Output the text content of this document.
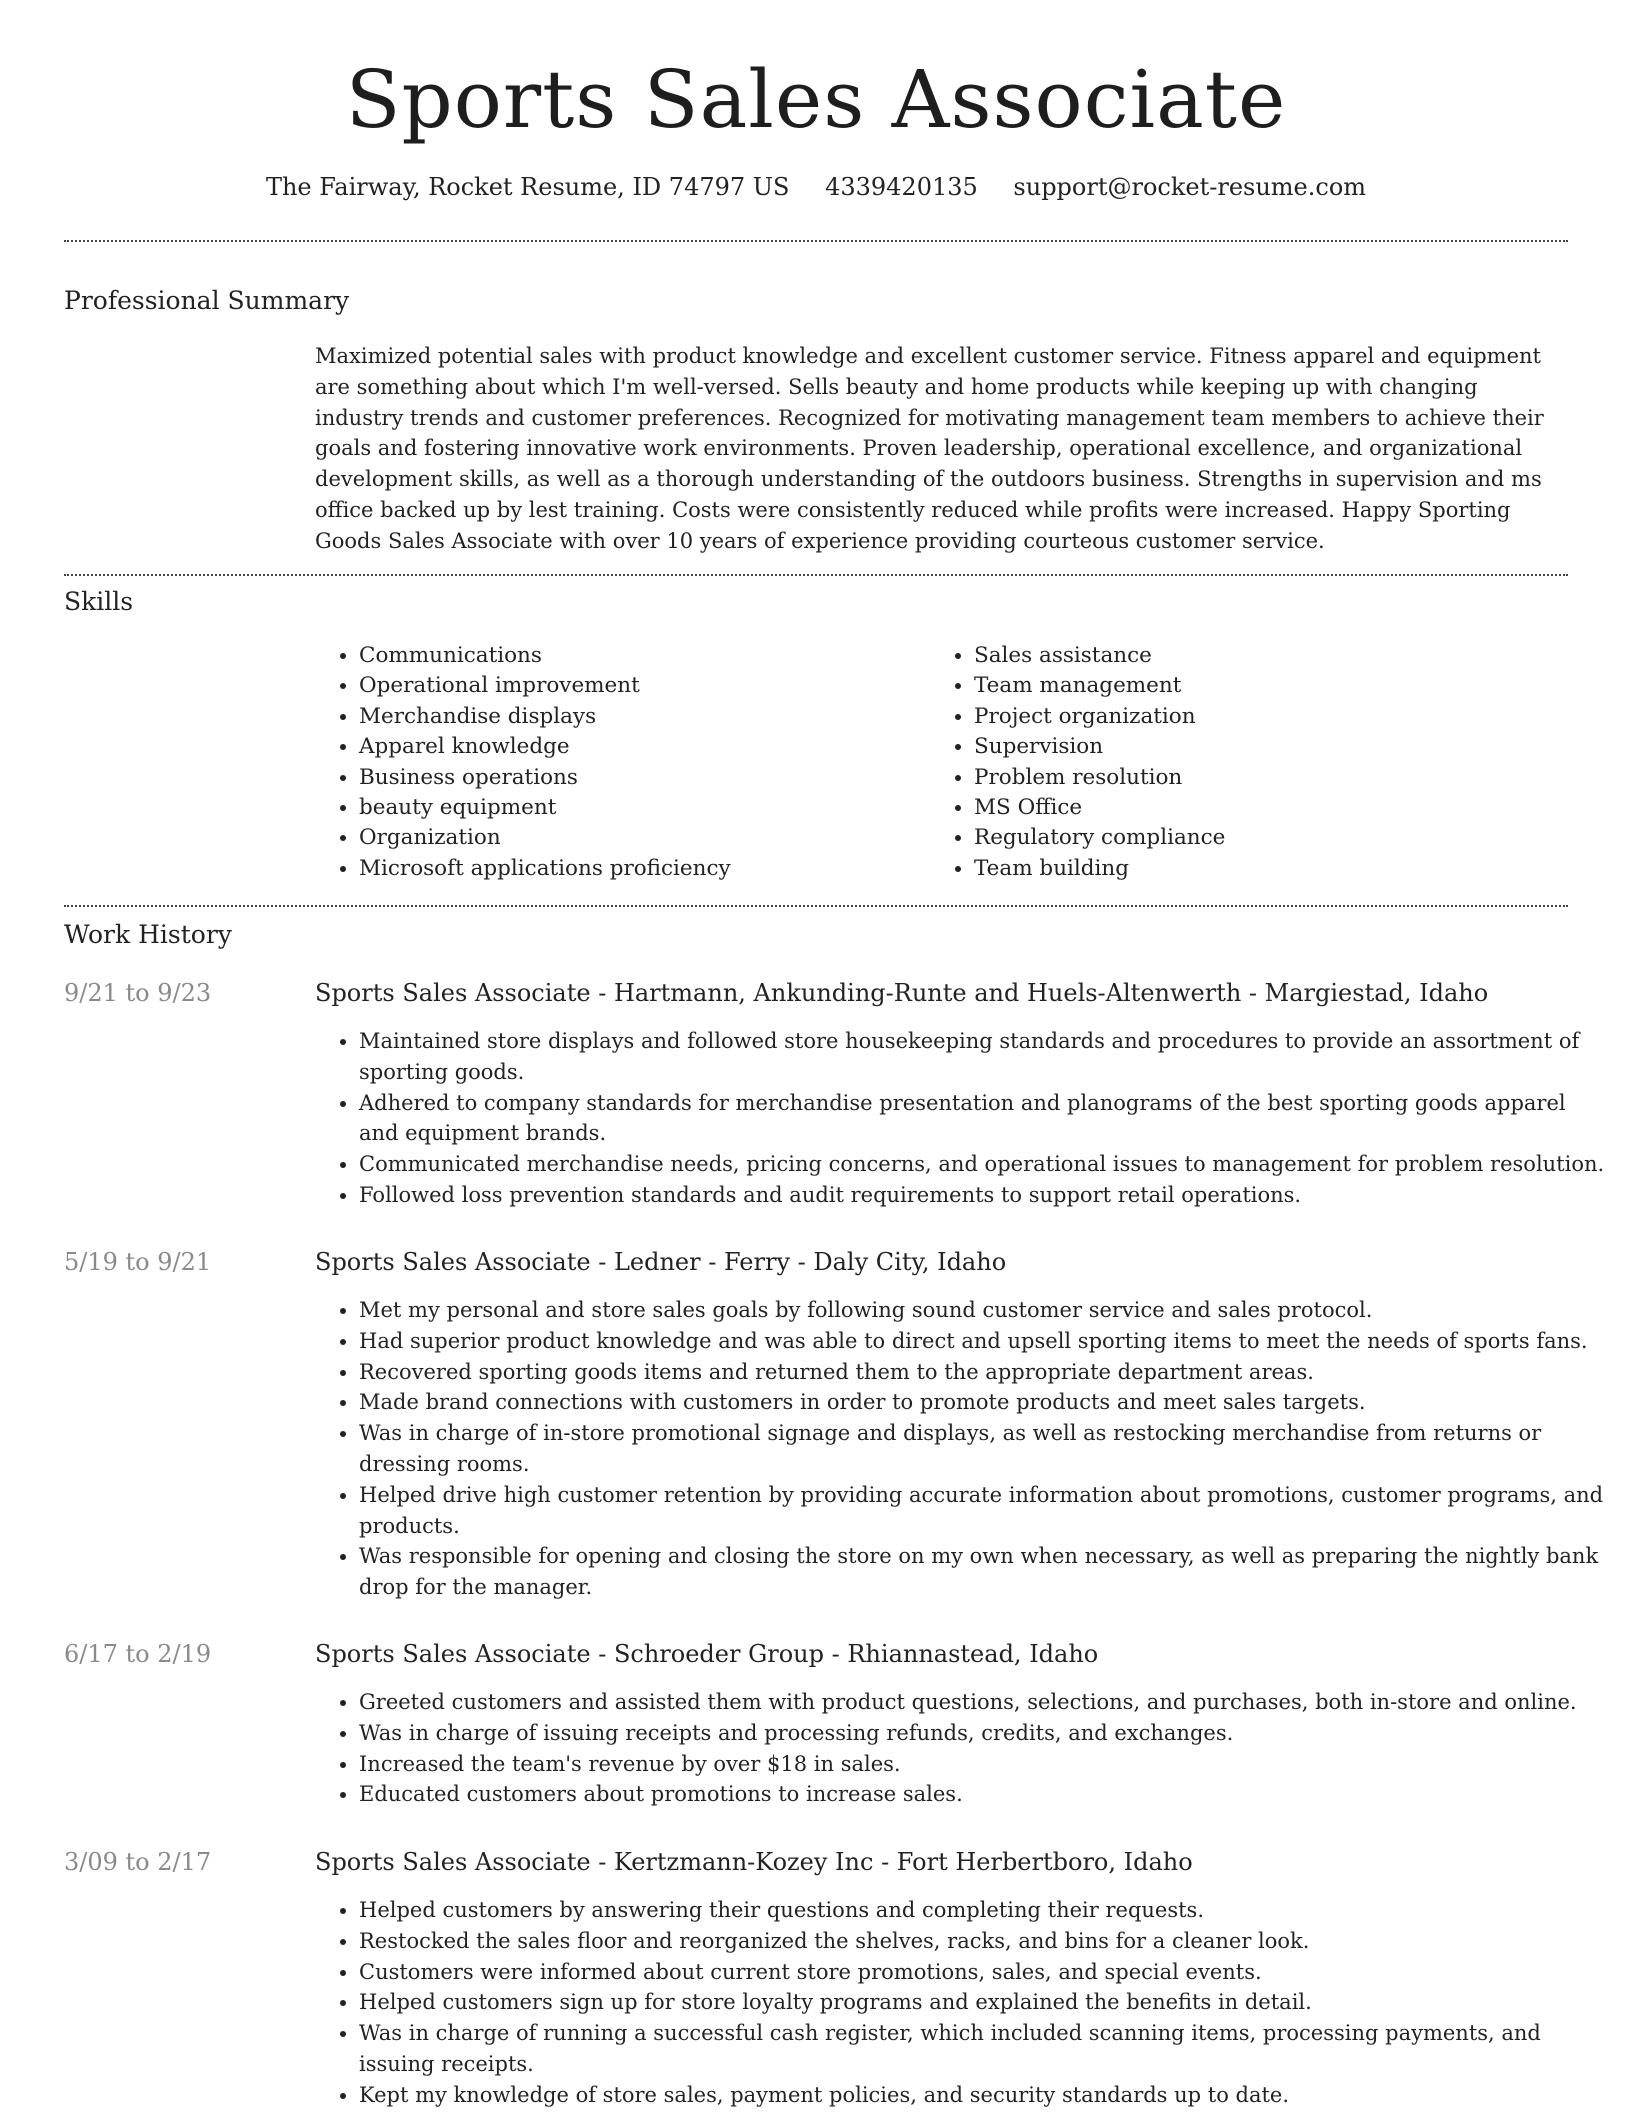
Sports Sales Associate
The Fairway, Rocket Resume, ID 74797 US 4339420135 support@rocket-resume.com
Professional Summary

Maximized potential sales with product knowledge and excellent customer service. Fitness apparel and equipment are something about which I'm well-versed. Sells beauty and home products while keeping up with changing industry trends and customer preferences. Recognized for motivating management team members to achieve their goals and fostering innovative work environments. Proven leadership, operational excellence, and organizational development skills, as well as a thorough understanding of the outdoors business. Strengths in supervision and ms office backed up by lest training. Costs were consistently reduced while profits were increased. Happy Sporting Goods Sales Associate with over 10 years of experience providing courteous customer service.

Skills
• Communications
• Operational improvement
• Merchandise displays
• Apparel knowledge
• Business operations
• beauty equipment
• Organization
• Microsoft applications proficiency
• Sales assistance
• Team management
• Project organization
• Supervision
• Problem resolution
• MS Office
• Regulatory compliance
• Team building
Work History
9/21 to 9/23	Sports Sales Associate - Hartmann, Ankunding-Runte and Huels-Altenwerth - Margiestad, Idaho
• Maintained store displays and followed store housekeeping standards and procedures to provide an assortment of sporting goods.
• Adhered to company standards for merchandise presentation and planograms of the best sporting goods apparel and equipment brands.
• Communicated merchandise needs, pricing concerns, and operational issues to management for problem resolution.
• Followed loss prevention standards and audit requirements to support retail operations.
5/19 to 9/21	Sports Sales Associate - Ledner - Ferry - Daly City, Idaho
• Met my personal and store sales goals by following sound customer service and sales protocol.
• Had superior product knowledge and was able to direct and upsell sporting items to meet the needs of sports fans.
• Recovered sporting goods items and returned them to the appropriate department areas.
• Made brand connections with customers in order to promote products and meet sales targets.
• Was in charge of in-store promotional signage and displays, as well as restocking merchandise from returns or dressing rooms.
• Helped drive high customer retention by providing accurate information about promotions, customer programs, and products.
• Was responsible for opening and closing the store on my own when necessary, as well as preparing the nightly bank drop for the manager.
6/17 to 2/19	Sports Sales Associate - Schroeder Group - Rhiannastead, Idaho
• Greeted customers and assisted them with product questions, selections, and purchases, both in-store and online.
• Was in charge of issuing receipts and processing refunds, credits, and exchanges.
• Increased the team's revenue by over $18 in sales.
• Educated customers about promotions to increase sales.
3/09 to 2/17	Sports Sales Associate - Kertzmann-Kozey Inc - Fort Herbertboro, Idaho
• Helped customers by answering their questions and completing their requests.
• Restocked the sales floor and reorganized the shelves, racks, and bins for a cleaner look.
• Customers were informed about current store promotions, sales, and special events.
• Helped customers sign up for store loyalty programs and explained the benefits in detail.
• Was in charge of running a successful cash register, which included scanning items, processing payments, and issuing receipts.
• Kept my knowledge of store sales, payment policies, and security standards up to date.
